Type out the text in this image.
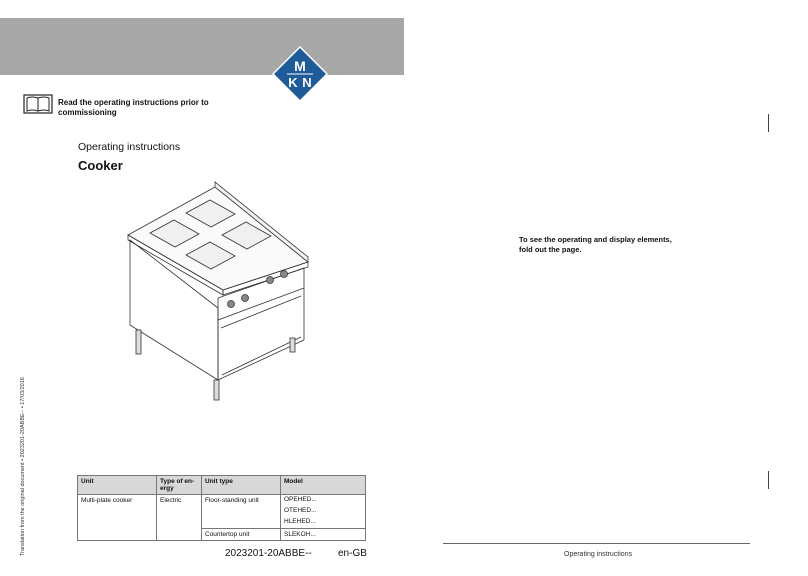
M
K N
Read the operating instructions prior to
commissioning
Operating instructions
Cooker
Translation from the original document • 2023201-20ABBE-- • 17/03/2016	Unit	Type of en-ergy	Unit type	Model
Multi-plate cooker	Electric	Floor-standing unit	OPEHED...
			OTEHED...
			HLEHED...
		Countertop unit	SLEKOH...
2023201-20ABBE--	en-GB
To see the operating and display elements,
fold out the page.
Operating instructions
